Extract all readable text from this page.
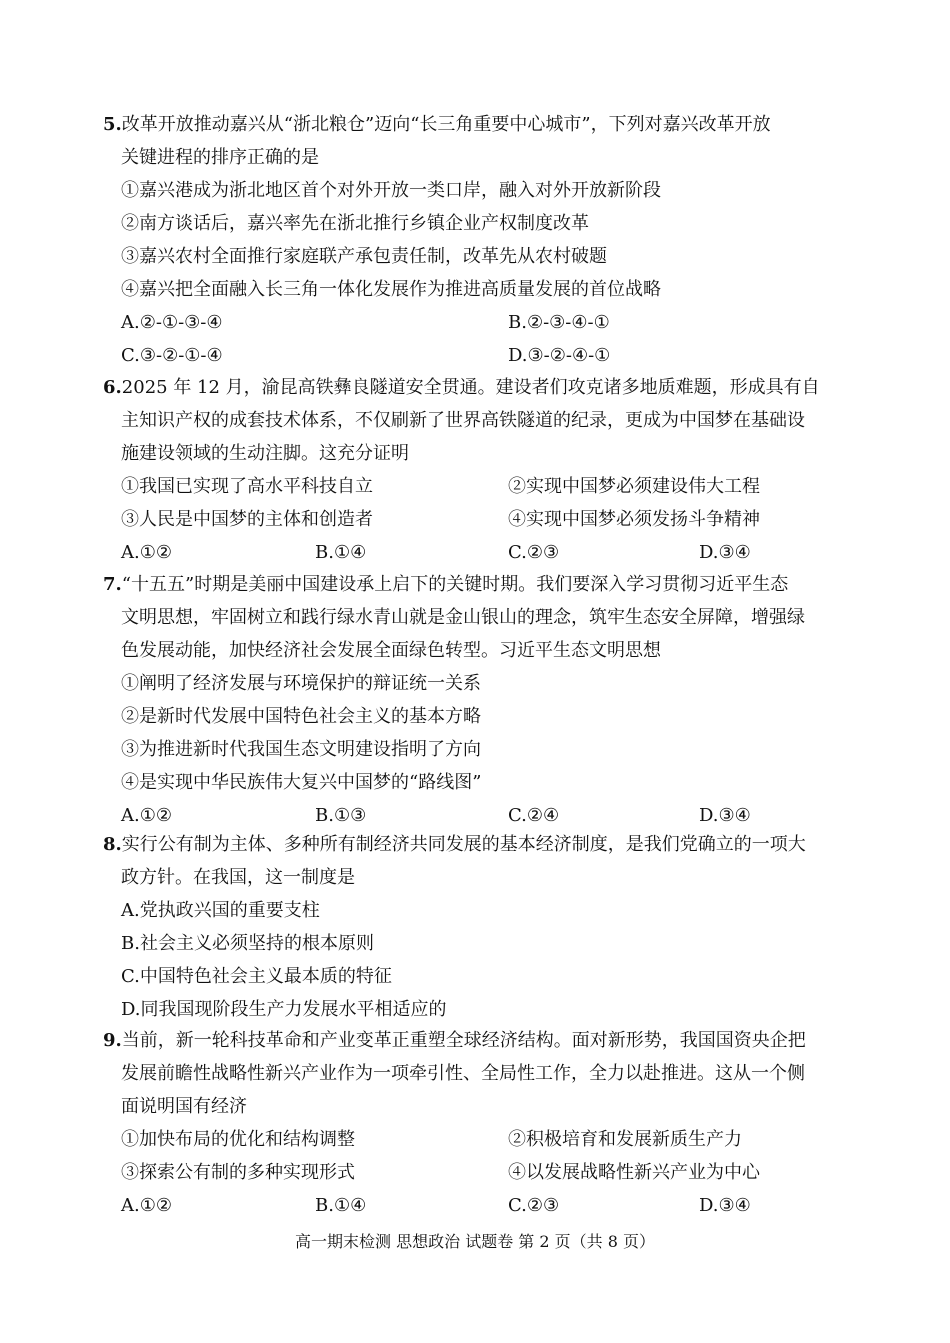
5.改革开放推动嘉兴从“浙北粮仓”迈向“长三角重要中心城市”，下列对嘉兴改革开放
关键进程的排序正确的是
①嘉兴港成为浙北地区首个对外开放一类口岸，融入对外开放新阶段
②南方谈话后，嘉兴率先在浙北推行乡镇企业产权制度改革
③嘉兴农村全面推行家庭联产承包责任制，改革先从农村破题
④嘉兴把全面融入长三角一体化发展作为推进高质量发展的首位战略
A.②-①-③-④	B.②-③-④-①
C.③-②-①-④	D.③-②-④-①
6.2025 年 12 月，渝昆高铁彝良隧道安全贯通。建设者们攻克诸多地质难题，形成具有自
主知识产权的成套技术体系，不仅刷新了世界高铁隧道的纪录，更成为中国梦在基础设
施建设领域的生动注脚。这充分证明
①我国已实现了高水平科技自立	②实现中国梦必须建设伟大工程
③人民是中国梦的主体和创造者	④实现中国梦必须发扬斗争精神
A.①②	B.①④	C.②③	D.③④
7.“十五五”时期是美丽中国建设承上启下的关键时期。我们要深入学习贯彻习近平生态
文明思想，牢固树立和践行绿水青山就是金山银山的理念，筑牢生态安全屏障，增强绿
色发展动能，加快经济社会发展全面绿色转型。习近平生态文明思想
①阐明了经济发展与环境保护的辩证统一关系
②是新时代发展中国特色社会主义的基本方略
③为推进新时代我国生态文明建设指明了方向
④是实现中华民族伟大复兴中国梦的“路线图”
A.①②	B.①③	C.②④	D.③④
8.实行公有制为主体、多种所有制经济共同发展的基本经济制度，是我们党确立的一项大
政方针。在我国，这一制度是
A.党执政兴国的重要支柱
B.社会主义必须坚持的根本原则
C.中国特色社会主义最本质的特征
D.同我国现阶段生产力发展水平相适应的
9.当前，新一轮科技革命和产业变革正重塑全球经济结构。面对新形势，我国国资央企把
发展前瞻性战略性新兴产业作为一项牵引性、全局性工作，全力以赴推进。这从一个侧
面说明国有经济
①加快布局的优化和结构调整	②积极培育和发展新质生产力
③探索公有制的多种实现形式	④以发展战略性新兴产业为中心
A.①②	B.①④	C.②③	D.③④
高一期末检测 思想政治 试题卷 第 2 页（共 8 页）
